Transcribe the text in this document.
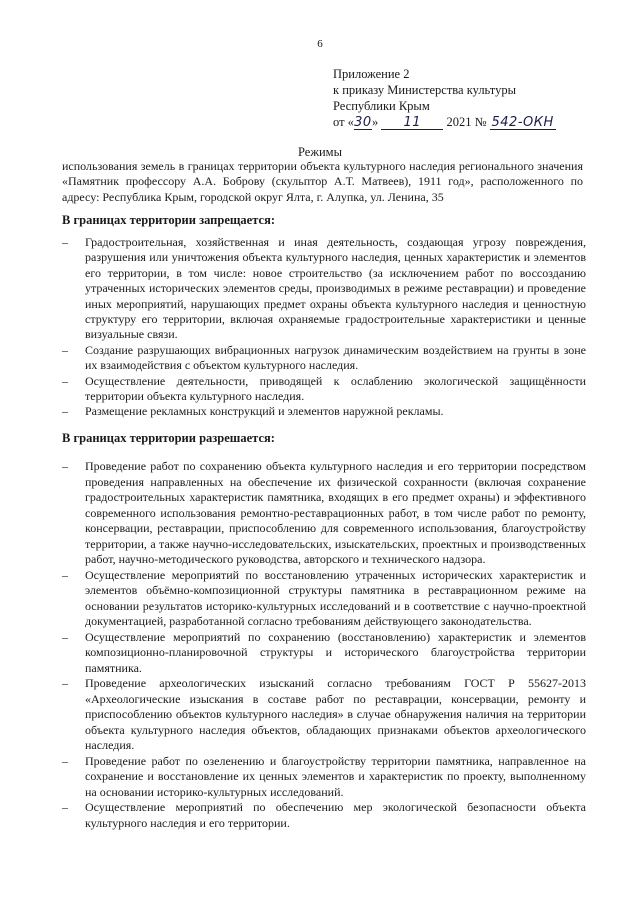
6
Приложение 2
к приказу Министерства культуры
Республики Крым
от «30» 11 2021 № 542-ОКН
Режимы
использования земель в границах территории объекта культурного наследия регионального значения «Памятник профессору А.А. Боброву (скульптор А.Т. Матвеев), 1911 год», расположенного по адресу: Республика Крым, городской округ Ялта, г. Алупка, ул. Ленина, 35
В границах территории запрещается:
– Градостроительная, хозяйственная и иная деятельность, создающая угрозу повреждения, разрушения или уничтожения объекта культурного наследия, ценных характеристик и элементов его территории, в том числе: новое строительство (за исключением работ по воссозданию утраченных исторических элементов среды, производимых в режиме реставрации) и проведение иных мероприятий, нарушающих предмет охраны объекта культурного наследия и ценностную структуру его территории, включая охраняемые градостроительные характеристики и ценные визуальные связи.
– Создание разрушающих вибрационных нагрузок динамическим воздействием на грунты в зоне их взаимодействия с объектом культурного наследия.
– Осуществление деятельности, приводящей к ослаблению экологической защищённости территории объекта культурного наследия.
– Размещение рекламных конструкций и элементов наружной рекламы.
В границах территории разрешается:
– Проведение работ по сохранению объекта культурного наследия и его территории посредством проведения направленных на обеспечение их физической сохранности (включая сохранение градостроительных характеристик памятника, входящих в его предмет охраны) и эффективного современного использования ремонтно-реставрационных работ, в том числе работ по ремонту, консервации, реставрации, приспособлению для современного использования, благоустройству территории, а также научно-исследовательских, изыскательских, проектных и производственных работ, научно-методического руководства, авторского и технического надзора.
– Осуществление мероприятий по восстановлению утраченных исторических характеристик и элементов объёмно-композиционной структуры памятника в реставрационном режиме на основании результатов историко-культурных исследований и в соответствие с научно-проектной документацией, разработанной согласно требованиям действующего законодательства.
– Осуществление мероприятий по сохранению (восстановлению) характеристик и элементов композиционно-планировочной структуры и исторического благоустройства территории памятника.
– Проведение археологических изысканий согласно требованиям ГОСТ Р 55627-2013 «Археологические изыскания в составе работ по реставрации, консервации, ремонту и приспособлению объектов культурного наследия» в случае обнаружения наличия на территории объекта культурного наследия объектов, обладающих признаками объектов археологического наследия.
– Проведение работ по озеленению и благоустройству территории памятника, направленное на сохранение и восстановление их ценных элементов и характеристик по проекту, выполненному на основании историко-культурных исследований.
– Осуществление мероприятий по обеспечению мер экологической безопасности объекта культурного наследия и его территории.
